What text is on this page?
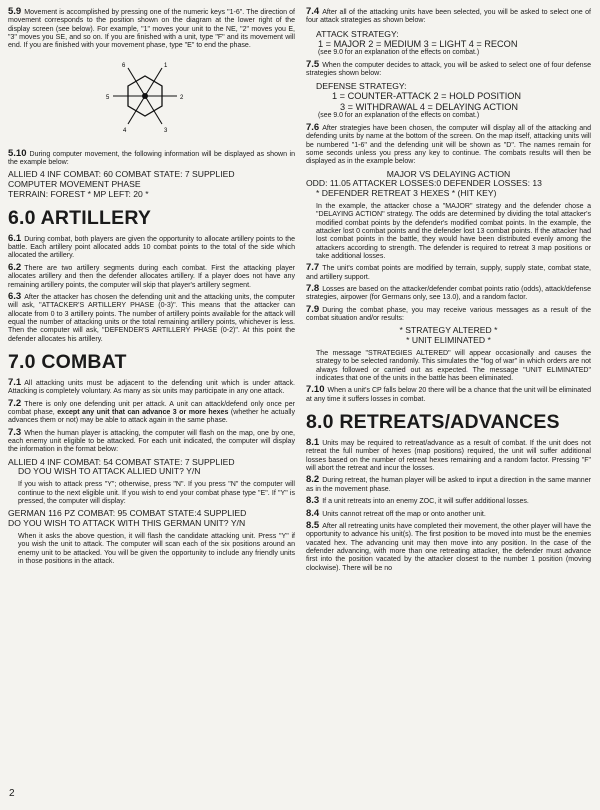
5.9 Movement is accomplished by pressing one of the numeric keys "1-6". The direction of movement corresponds to the position shown on the diagram at the lower right of the display screen (see below). For example, "1" moves your unit to the NE, "2" moves you E, "3" moves you SE, and so on. If you are finished with a unit, type "F" and its movement will end. If you are finished with your movement phase, type "E" to end the phase.

1
2
3
4
5
6

5.10 During computer movement, the following information will be displayed as shown in the example below:

ALLIED 4 INF COMBAT: 60 COMBAT STATE: 7 SUPPLIED
COMPUTER MOVEMENT PHASE
TERRAIN: FOREST * MP LEFT: 20 *
6.0 ARTILLERY

6.1 During combat, both players are given the opportunity to allocate artillery points to the battle. Each artillery point allocated adds 10 combat points to the total of the side which allocated the artillery.

6.2 There are two artillery segments during each combat. First the attacking player allocates artillery and then the defender allocates artillery. If a player does not have any remaining artillery points, the computer will skip that player's artillery segment.

6.3 After the attacker has chosen the defending unit and the attacking units, the computer will ask, "ATTACKER'S ARTILLERY PHASE (0-3)". This means that the attacker can allocate from 0 to 3 artillery points. The number of artillery points available for the attack will equal the number of attacking units or the total remaining artillery points, whichever is less. Then the computer will ask, "DEFENDER'S ARTILLERY PHASE (0-2)". At this point the defender allocates his artillery.

7.0 COMBAT

7.1 All attacking units must be adjacent to the defending unit which is under attack. Attacking is completely voluntary. As many as six units may participate in any one attack.

7.2 There is only one defending unit per attack. A unit can attack/defend only once per combat phase, except any unit that can advance 3 or more hexes (whether he actually advances them or not) may be able to attack again in the same phase.

7.3 When the human player is attacking, the computer will flash on the map, one by one, each enemy unit eligible to be attacked. For each unit indicated, the computer will display the information in the format below:

ALLIED 4 INF COMBAT: 54 COMBAT STATE: 7 SUPPLIED
DO YOU WISH TO ATTACK ALLIED UNIT? Y/N

If you wish to attack press "Y"; otherwise, press "N". If you press "N" the computer will continue to the next eligible unit. If you wish to end your combat phase type "E". If "Y" is pressed, the computer will display:

GERMAN 116 PZ COMBAT: 95 COMBAT STATE:4 SUPPLIED
DO YOU WISH TO ATTACK WITH THIS GERMAN UNIT? Y/N

When it asks the above question, it will flash the candidate attacking unit. Press "Y" if you wish the unit to attack. The computer will scan each of the six positions around an enemy unit to be attacked. You will be given the opportunity to include any friendly units in those positions in the attack.

7.4 After all of the attacking units have been selected, you will be asked to select one of four attack strategies as shown below:

ATTACK STRATEGY:
1 = MAJOR 2 = MEDIUM 3 = LIGHT 4 = RECON
(see 9.0 for an explanation of the effects on combat.)

7.5 When the computer decides to attack, you will be asked to select one of four defense strategies shown below:

DEFENSE STRATEGY:
1 = COUNTER-ATTACK 2 = HOLD POSITION
3 = WITHDRAWAL 4 = DELAYING ACTION
(see 9.0 for an explanation of the effects on combat.)

7.6 After strategies have been chosen, the computer will display all of the attacking and defending units by name at the bottom of the screen. On the map itself, attacking units will be numbered "1-6" and the defending unit will be shown as "D". The names remain for some seconds unless you press any key to continue. The combats results will then be displayed as in the example below:

MAJOR VS DELAYING ACTION
ODD: 11.05 ATTACKER LOSSES:0 DEFENDER LOSSES: 13
* DEFENDER RETREAT 3 HEXES * (HIT KEY)

In the example, the attacker chose a "MAJOR" strategy and the defender chose a "DELAYING ACTION" strategy. The odds are determined by dividing the total attacker's modified combat points by the defender's modified combat points. In the example, the attacker lost 0 combat points and the defender lost 13 combat points. If the attacker had lost combat points in the battle, they would have been distributed evenly among the attackers according to strength. The defender is required to retreat 3 map positions or take additional losses.

7.7 The unit's combat points are modified by terrain, supply, supply state, combat state, and artillery support.

7.8 Losses are based on the attacker/defender combat points ratio (odds), attack/defense strategies, airpower (for Germans only, see 13.0), and a random factor.

7.9 During the combat phase, you may receive various messages as a result of the combat situation and/or results:

* STRATEGY ALTERED *
* UNIT ELIMINATED *

The message "STRATEGIES ALTERED" will appear occasionally and causes the strategy to be selected randomly. This simulates the "fog of war" in which orders are not always followed or carried out as expected. The message "UNIT ELIMINATED" indicates that one of the units in the battle has been eliminated.

7.10 When a unit's CP falls below 20 there will be a chance that the unit will be eliminated at any time it suffers losses in combat.

8.0 RETREATS/ADVANCES

8.1 Units may be required to retreat/advance as a result of combat. If the unit does not retreat the full number of hexes (map positions) required, the unit will suffer additional losses based on the number of retreat hexes remaining and a random factor. Pressing "F" will abort the retreat and incur the losses.

8.2 During retreat, the human player will be asked to input a direction in the same manner as in the movement phase.

8.3 If a unit retreats into an enemy ZOC, it will suffer additional losses.

8.4 Units cannot retreat off the map or onto another unit.

8.5 After all retreating units have completed their movement, the other player will have the opportunity to advance his unit(s). The first position to be moved into must be the enemies vacated hex. The advancing unit may then move into any position. In the case of the defender advancing, with more than one retreating attacker, the defender must advance first into the position vacated by the attacker closest to the number 1 position (moving clockwise). There will be no

2
